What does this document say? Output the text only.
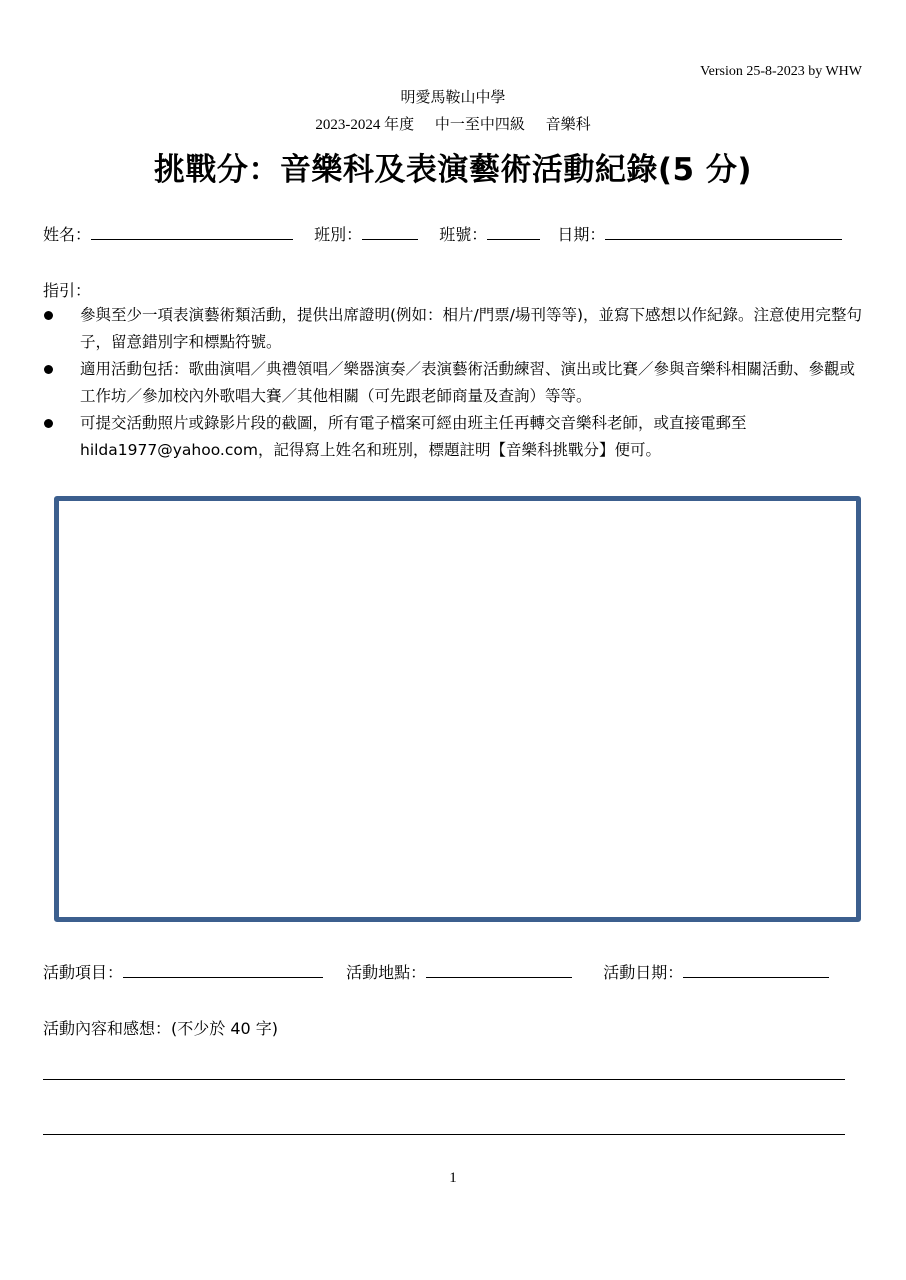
Version 25-8-2023 by WHW
明愛馬鞍山中學
2023-2024 年度 中一至中四級 音樂科
挑戰分：音樂科及表演藝術活動紀錄(5 分)
姓名：	班別：	班號：	日期：
指引：
參與至少一項表演藝術類活動，提供出席證明(例如：相片/門票/場刊等等)，並寫下感想以作紀錄。注意使用完整句子，留意錯別字和標點符號。
適用活動包括：歌曲演唱／典禮領唱／樂器演奏／表演藝術活動練習、演出或比賽／參與音樂科相關活動、參觀或工作坊／參加校內外歌唱大賽／其他相關（可先跟老師商量及查詢）等等。
可提交活動照片或錄影片段的截圖，所有電子檔案可經由班主任再轉交音樂科老師，或直接電郵至 hilda1977@yahoo.com，記得寫上姓名和班別，標題註明【音樂科挑戰分】便可。
活動項目：	活動地點：	活動日期：
活動內容和感想：(不少於 40 字)
1
